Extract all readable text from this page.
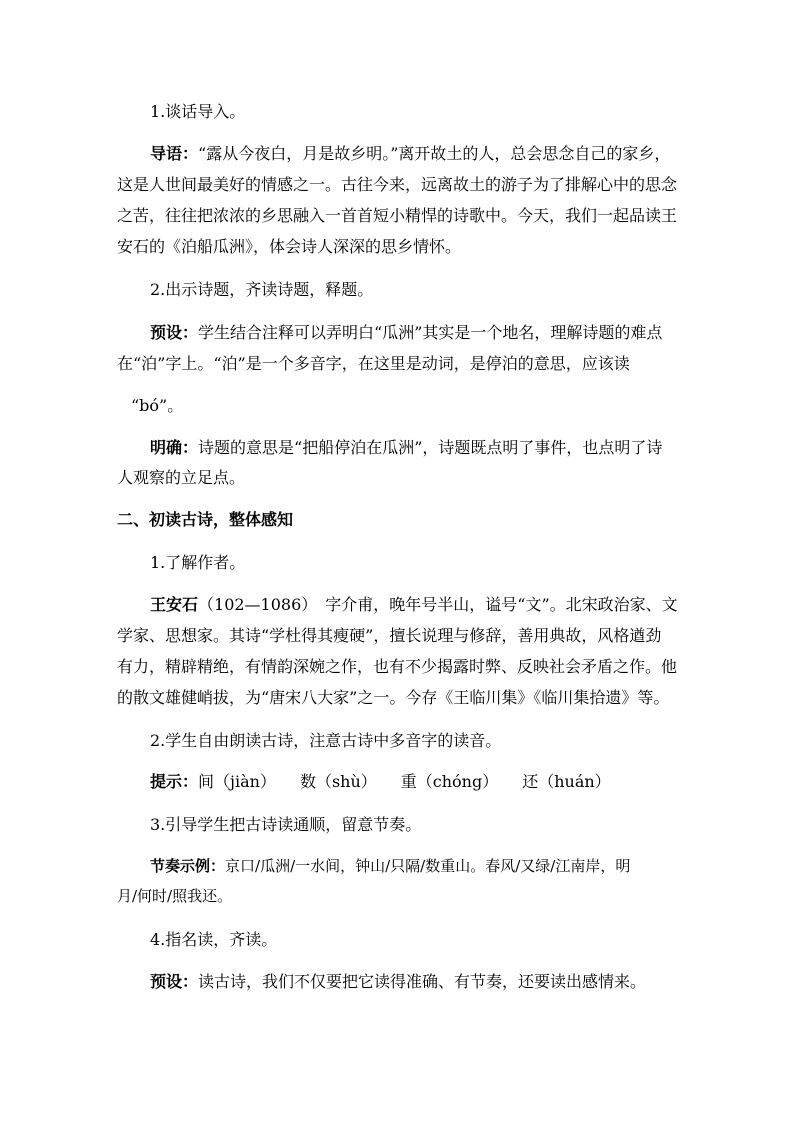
1.谈话导入。
导语：“露从今夜白，月是故乡明。”离开故土的人，总会思念自己的家乡，
这是人世间最美好的情感之一。古往今来，远离故土的游子为了排解心中的思念
之苦，往往把浓浓的乡思融入一首首短小精悍的诗歌中。今天，我们一起品读王
安石的《泊船瓜洲》，体会诗人深深的思乡情怀。
2.出示诗题，齐读诗题，释题。
预设：学生结合注释可以弄明白“瓜洲”其实是一个地名，理解诗题的难点
在“泊”字上。“泊”是一个多音字，在这里是动词，是停泊的意思，应该读
“bó”。
明确：诗题的意思是“把船停泊在瓜洲”，诗题既点明了事件，也点明了诗
人观察的立足点。
二、初读古诗，整体感知
1.了解作者。
王安石（102—1086）　字介甫，晚年号半山，谥号“文”。北宋政治家、文
学家、思想家。其诗“学杜得其瘦硬”，擅长说理与修辞，善用典故，风格遒劲
有力，精辟精绝，有情韵深婉之作，也有不少揭露时弊、反映社会矛盾之作。他
的散文雄健峭拔，为“唐宋八大家”之一。今存《王临川集》《临川集拾遗》等。
2.学生自由朗读古诗，注意古诗中多音字的读音。
提示：间（jiàn）　　数（shù）　　重（chóng）　　还（huán）
3.引导学生把古诗读通顺，留意节奏。
节奏示例：京口/瓜洲/一水间，钟山/只隔/数重山。春风/又绿/江南岸，明
月/何时/照我还。
4.指名读，齐读。
预设：读古诗，我们不仅要把它读得准确、有节奏，还要读出感情来。
